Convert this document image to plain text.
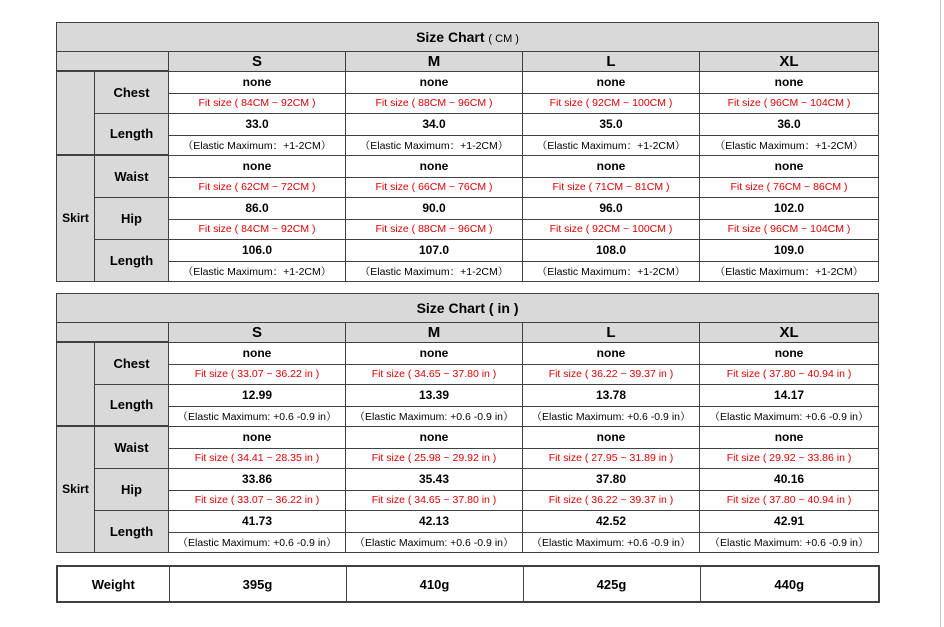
Size Chart ( CM )					
		S	M	L	XL
	Chest	none	none	none	none
		Fit size ( 84CM ~ 92CM )	Fit size ( 88CM ~ 96CM )	Fit size ( 92CM ~ 100CM )	Fit size ( 96CM ~ 104CM )
	Length	33.0	34.0	35.0	36.0
		（Elastic Maximum：+1-2CM）	（Elastic Maximum：+1-2CM）	（Elastic Maximum：+1-2CM）	（Elastic Maximum：+1-2CM）
Skirt	Waist	none	none	none	none
		Fit size ( 62CM ~ 72CM )	Fit size ( 66CM ~ 76CM )	Fit size ( 71CM ~ 81CM )	Fit size ( 76CM ~ 86CM )
	Hip	86.0	90.0	96.0	102.0
		Fit size ( 84CM ~ 92CM )	Fit size ( 88CM ~ 96CM )	Fit size ( 92CM ~ 100CM )	Fit size ( 96CM ~ 104CM )
	Length	106.0	107.0	108.0	109.0
		（Elastic Maximum：+1-2CM）	（Elastic Maximum：+1-2CM）	（Elastic Maximum：+1-2CM）	（Elastic Maximum：+1-2CM）
Size Chart ( in )					
		S	M	L	XL
	Chest	none	none	none	none
		Fit size ( 33.07 ~ 36.22 in )	Fit size ( 34.65 ~ 37.80 in )	Fit size ( 36.22 ~ 39.37 in )	Fit size ( 37.80 ~ 40.94 in )
	Length	12.99	13.39	13.78	14.17
		（Elastic Maximum: +0.6 -0.9 in）	（Elastic Maximum: +0.6 -0.9 in）	（Elastic Maximum: +0.6 -0.9 in）	（Elastic Maximum: +0.6 -0.9 in）
Skirt	Waist	none	none	none	none
		Fit size ( 34.41 ~ 28.35 in )	Fit size ( 25.98 ~ 29.92 in )	Fit size ( 27.95 ~ 31.89 in )	Fit size ( 29.92 ~ 33.86 in )
	Hip	33.86	35.43	37.80	40.16
		Fit size ( 33.07 ~ 36.22 in )	Fit size ( 34.65 ~ 37.80 in )	Fit size ( 36.22 ~ 39.37 in )	Fit size ( 37.80 ~ 40.94 in )
	Length	41.73	42.13	42.52	42.91
		（Elastic Maximum: +0.6 -0.9 in）	（Elastic Maximum: +0.6 -0.9 in）	（Elastic Maximum: +0.6 -0.9 in）	（Elastic Maximum: +0.6 -0.9 in）
Weight	395g	410g	425g	440g
